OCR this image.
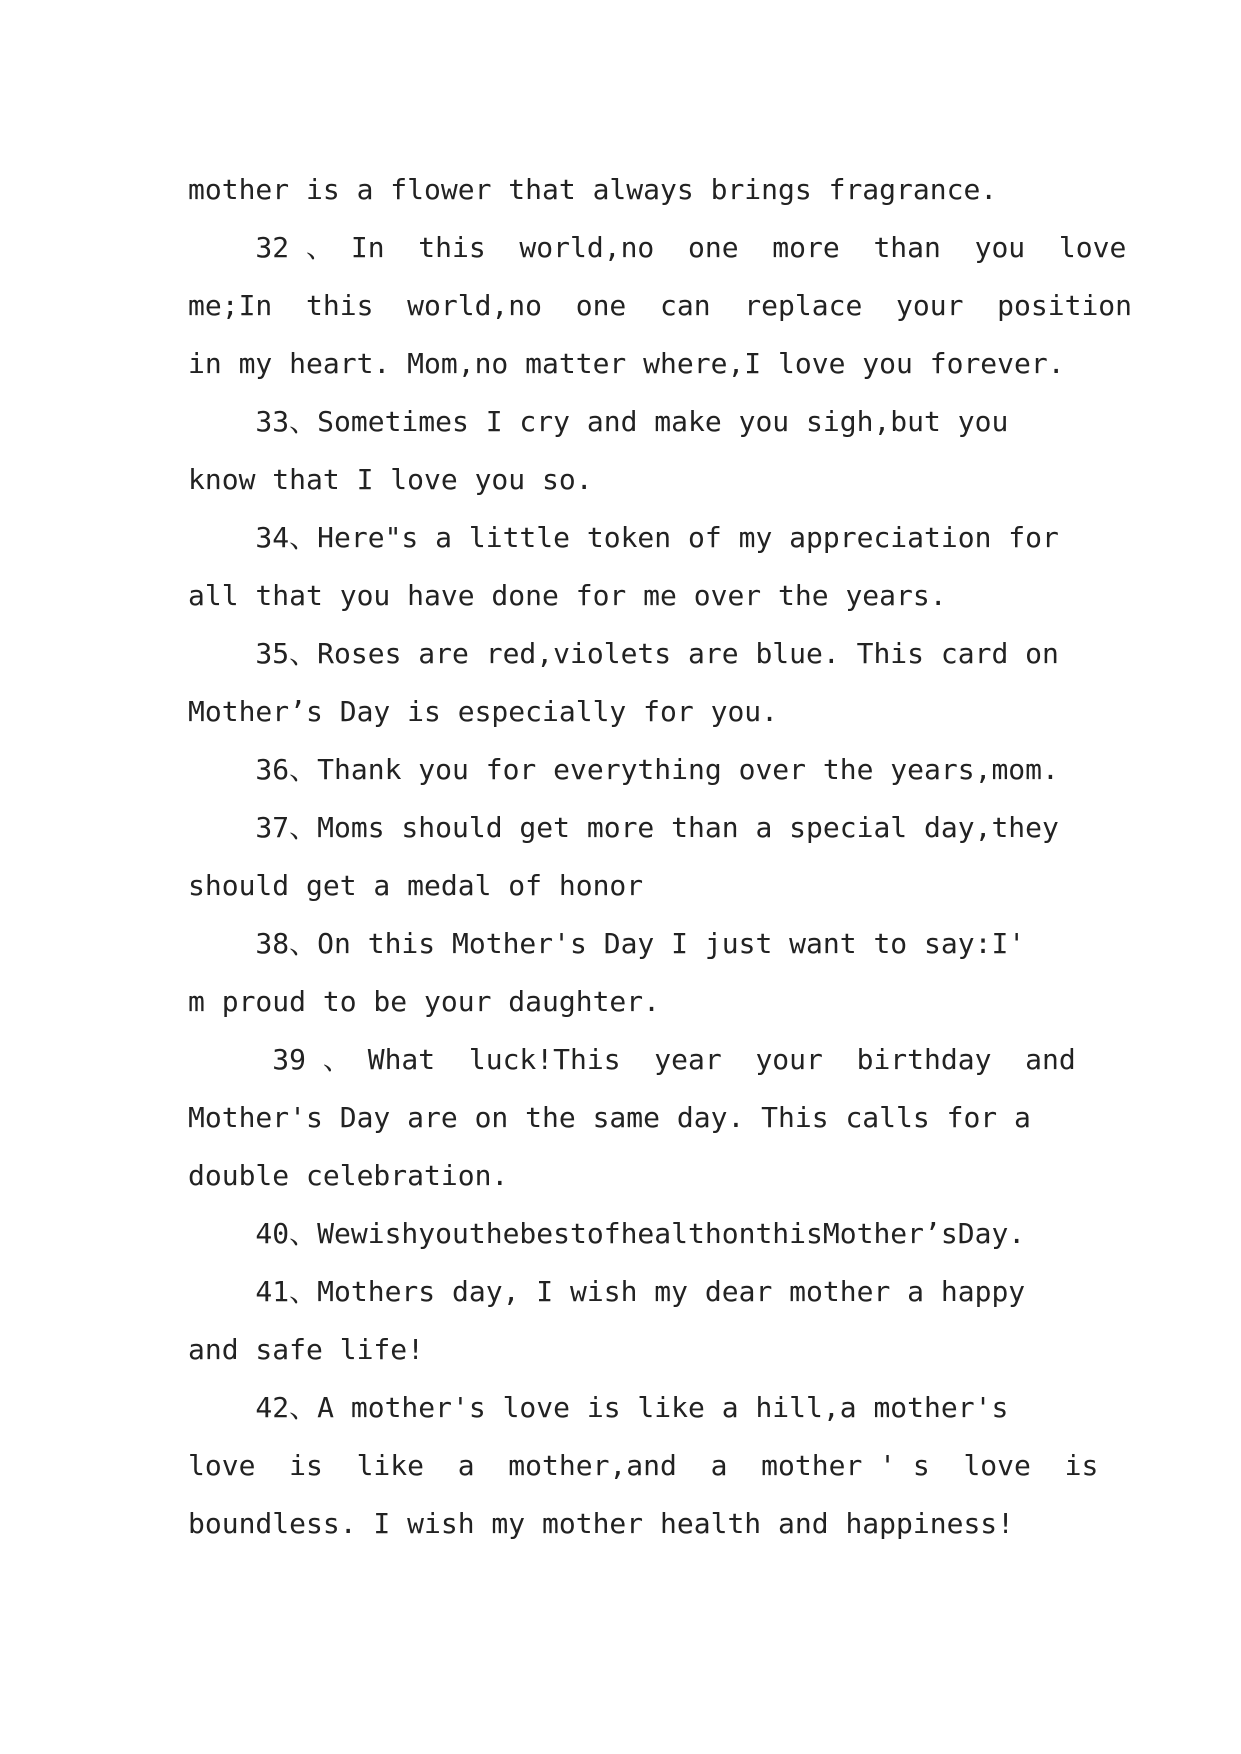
mother is a flower that always brings fragrance.
32 、 In  this  world,no  one  more  than  you  love
me;In  this  world,no  one  can  replace  your  position
in my heart. Mom,no matter where,I love you forever.
33、Sometimes I cry and make you sigh,but you
know that I love you so.
34、Here"s a little token of my appreciation for
all that you have done for me over the years.
35、Roses are red,violets are blue. This card on
Mother’s Day is especially for you.
36、Thank you for everything over the years,mom.
37、Moms should get more than a special day,they
should get a medal of honor
38、On this Mother's Day I just want to say:I'
m proud to be your daughter.
39 、 What  luck!This  year  your  birthday  and
Mother's Day are on the same day. This calls for a
double celebration.
40、WewishyouthebestofhealthonthisMother’sDay.
41、Mothers day, I wish my dear mother a happy
and safe life!
42、A mother's love is like a hill,a mother's
love  is  like  a  mother,and  a  mother ' s  love  is
boundless. I wish my mother health and happiness!
